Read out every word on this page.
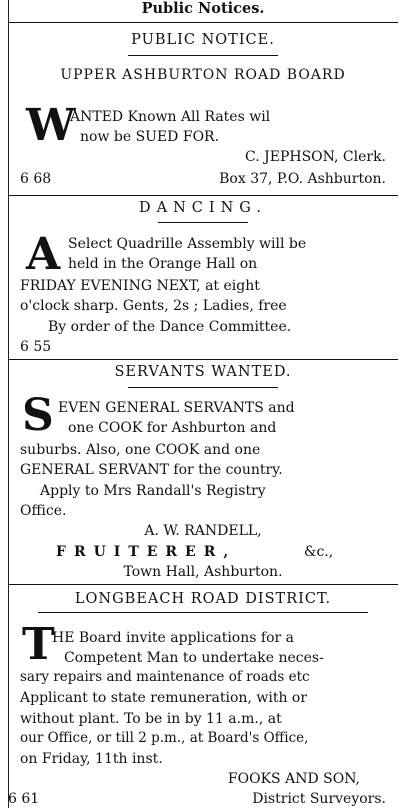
Public Notices.
PUBLIC NOTICE.
UPPER ASHBURTON ROAD BOARD
W
ANTED Known All Rates wil
now be SUED FOR.
C. JEPHSON, Clerk.
6 68	Box 37, P.O. Ashburton.
DANCING.
A Select Quadrille Assembly will be
held in the Orange Hall on
FRIDAY EVENING NEXT, at eight
o'clock sharp. Gents, 2s ; Ladies, free
By order of the Dance Committee.
6 55
SERVANTS WANTED.
S EVEN GENERAL SERVANTS and
one COOK for Ashburton and
suburbs. Also, one COOK and one
GENERAL SERVANT for the country.
Apply to Mrs Randall's Registry
Office.
A. W. RANDELL,
FRUITERER,	&c.,
Town Hall, Ashburton.
LONGBEACH ROAD DISTRICT.
T
HE Board invite applications for a
Competent Man to undertake neces-
sary repairs and maintenance of roads etc
Applicant to state remuneration, with or
without plant. To be in by 11 a.m., at
our Office, or till 2 p.m., at Board's Office,
on Friday, 11th inst.
FOOKS AND SON,
6 61	District Surveyors.
